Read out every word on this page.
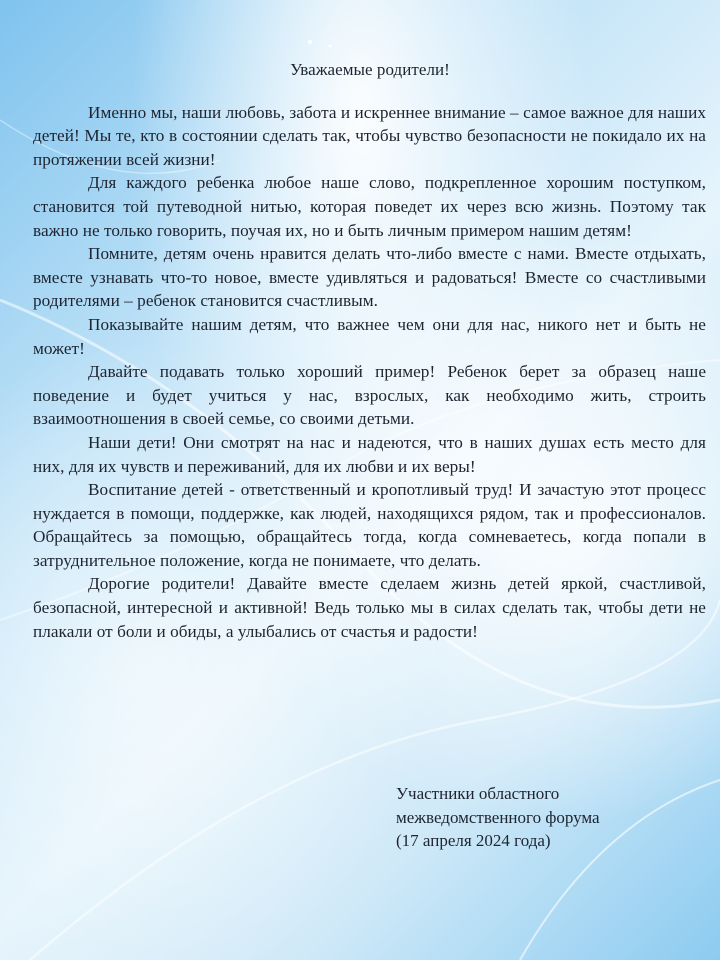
Уважаемые родители!

Именно мы, наши любовь, забота и искреннее внимание – самое важное для наших детей! Мы те, кто в состоянии сделать так, чтобы чувство безопасности не покидало их на протяжении всей жизни!

Для каждого ребенка любое наше слово, подкрепленное хорошим поступком, становится той путеводной нитью, которая поведет их через всю жизнь. Поэтому так важно не только говорить, поучая их, но и быть личным примером нашим детям!

Помните, детям очень нравится делать что-либо вместе с нами. Вместе отдыхать, вместе узнавать что-то новое, вместе удивляться и радоваться! Вместе со счастливыми родителями – ребенок становится счастливым.

Показывайте нашим детям, что важнее чем они для нас, никого нет и быть не может!

Давайте подавать только хороший пример! Ребенок берет за образец наше поведение и будет учиться у нас, взрослых, как необходимо жить, строить взаимоотношения в своей семье, со своими детьми.

Наши дети! Они смотрят на нас и надеются, что в наших душах есть место для них, для их чувств и переживаний, для их любви и их веры!

Воспитание детей - ответственный и кропотливый труд! И зачастую этот процесс нуждается в помощи, поддержке, как людей, находящихся рядом, так и профессионалов. Обращайтесь за помощью, обращайтесь тогда, когда сомневаетесь, когда попали в затруднительное положение, когда не понимаете, что делать.

Дорогие родители! Давайте вместе сделаем жизнь детей яркой, счастливой, безопасной, интересной и активной! Ведь только мы в силах сделать так, чтобы дети не плакали от боли и обиды, а улыбались от счастья и радости!

Участники областного
межведомственного форума
(17 апреля 2024 года)
